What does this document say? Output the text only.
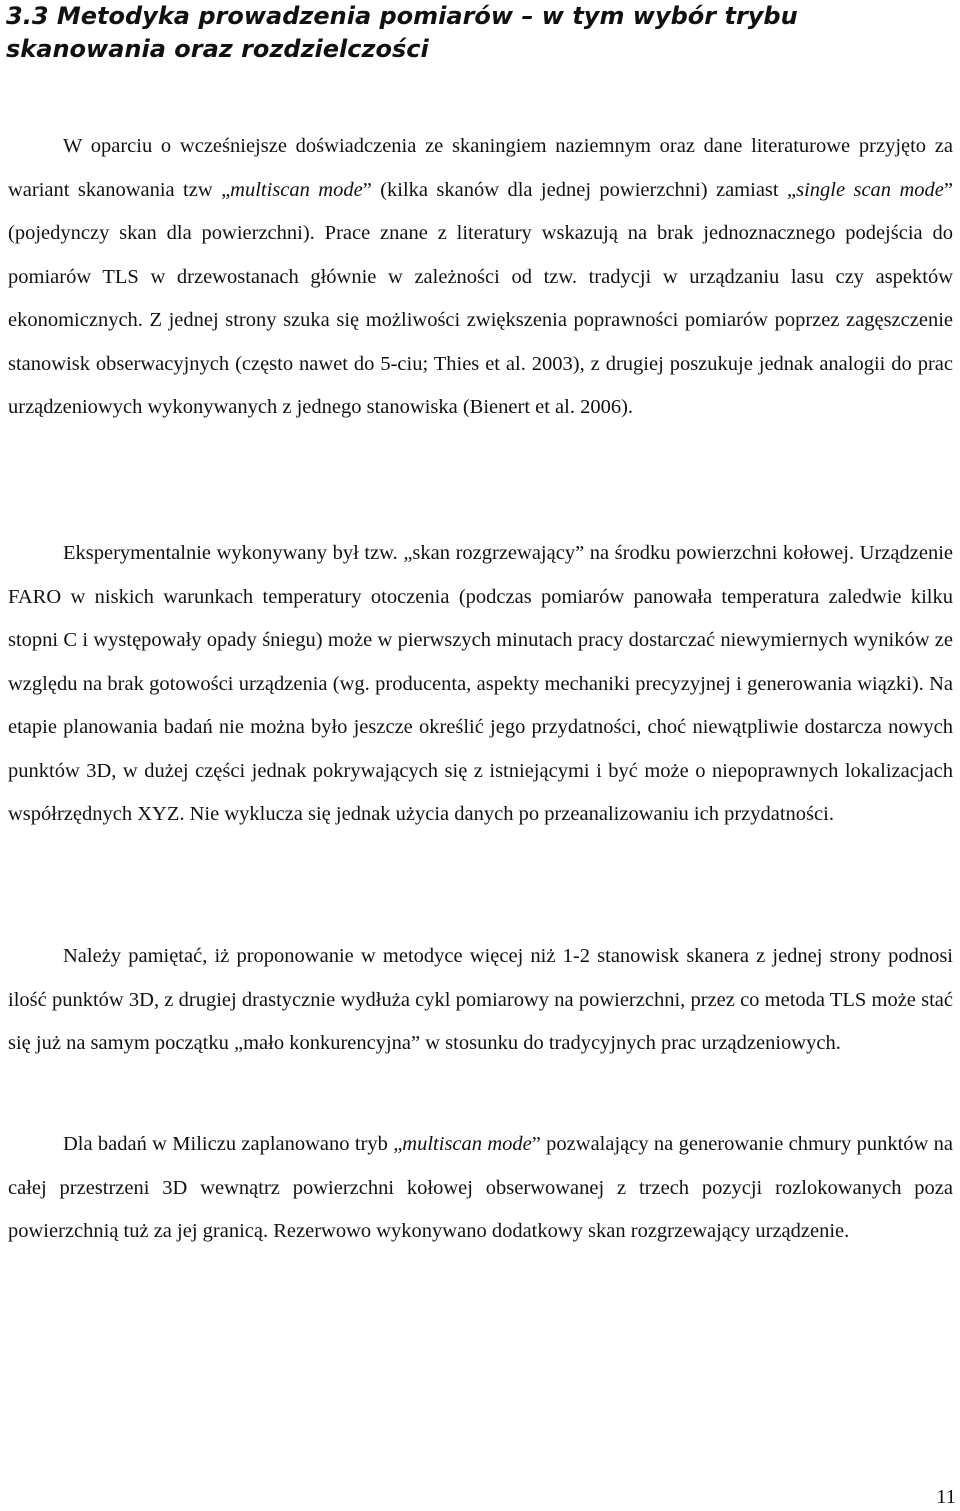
3.3 Metodyka prowadzenia pomiarów – w tym wybór trybu skanowania oraz rozdzielczości

W oparciu o wcześniejsze doświadczenia ze skaningiem naziemnym oraz dane literaturowe przyjęto za wariant skanowania tzw „multiscan mode” (kilka skanów dla jednej powierzchni) zamiast „single scan mode” (pojedynczy skan dla powierzchni). Prace znane z literatury wskazują na brak jednoznacznego podejścia do pomiarów TLS w drzewostanach głównie w zależności od tzw. tradycji w urządzaniu lasu czy aspektów ekonomicznych. Z jednej strony szuka się możliwości zwiększenia poprawności pomiarów poprzez zagęszczenie stanowisk obserwacyjnych (często nawet do 5-ciu; Thies et al. 2003), z drugiej poszukuje jednak analogii do prac urządzeniowych wykonywanych z jednego stanowiska (Bienert et al. 2006).

Eksperymentalnie wykonywany był tzw. „skan rozgrzewający” na środku powierzchni kołowej. Urządzenie FARO w niskich warunkach temperatury otoczenia (podczas pomiarów panowała temperatura zaledwie kilku stopni C i występowały opady śniegu) może w pierwszych minutach pracy dostarczać niewymiernych wyników ze względu na brak gotowości urządzenia (wg. producenta, aspekty mechaniki precyzyjnej i generowania wiązki). Na etapie planowania badań nie można było jeszcze określić jego przydatności, choć niewątpliwie dostarcza nowych punktów 3D, w dużej części jednak pokrywających się z istniejącymi i być może o niepoprawnych lokalizacjach współrzędnych XYZ. Nie wyklucza się jednak użycia danych po przeanalizowaniu ich przydatności.

Należy pamiętać, iż proponowanie w metodyce więcej niż 1-2 stanowisk skanera z jednej strony podnosi ilość punktów 3D, z drugiej drastycznie wydłuża cykl pomiarowy na powierzchni, przez co metoda TLS może stać się już na samym początku „mało konkurencyjna” w stosunku do tradycyjnych prac urządzeniowych.

Dla badań w Miliczu zaplanowano tryb „multiscan mode” pozwalający na generowanie chmury punktów na całej przestrzeni 3D wewnątrz powierzchni kołowej obserwowanej z trzech pozycji rozlokowanych poza powierzchnią tuż za jej granicą. Rezerwowo wykonywano dodatkowy skan rozgrzewający urządzenie.

11
